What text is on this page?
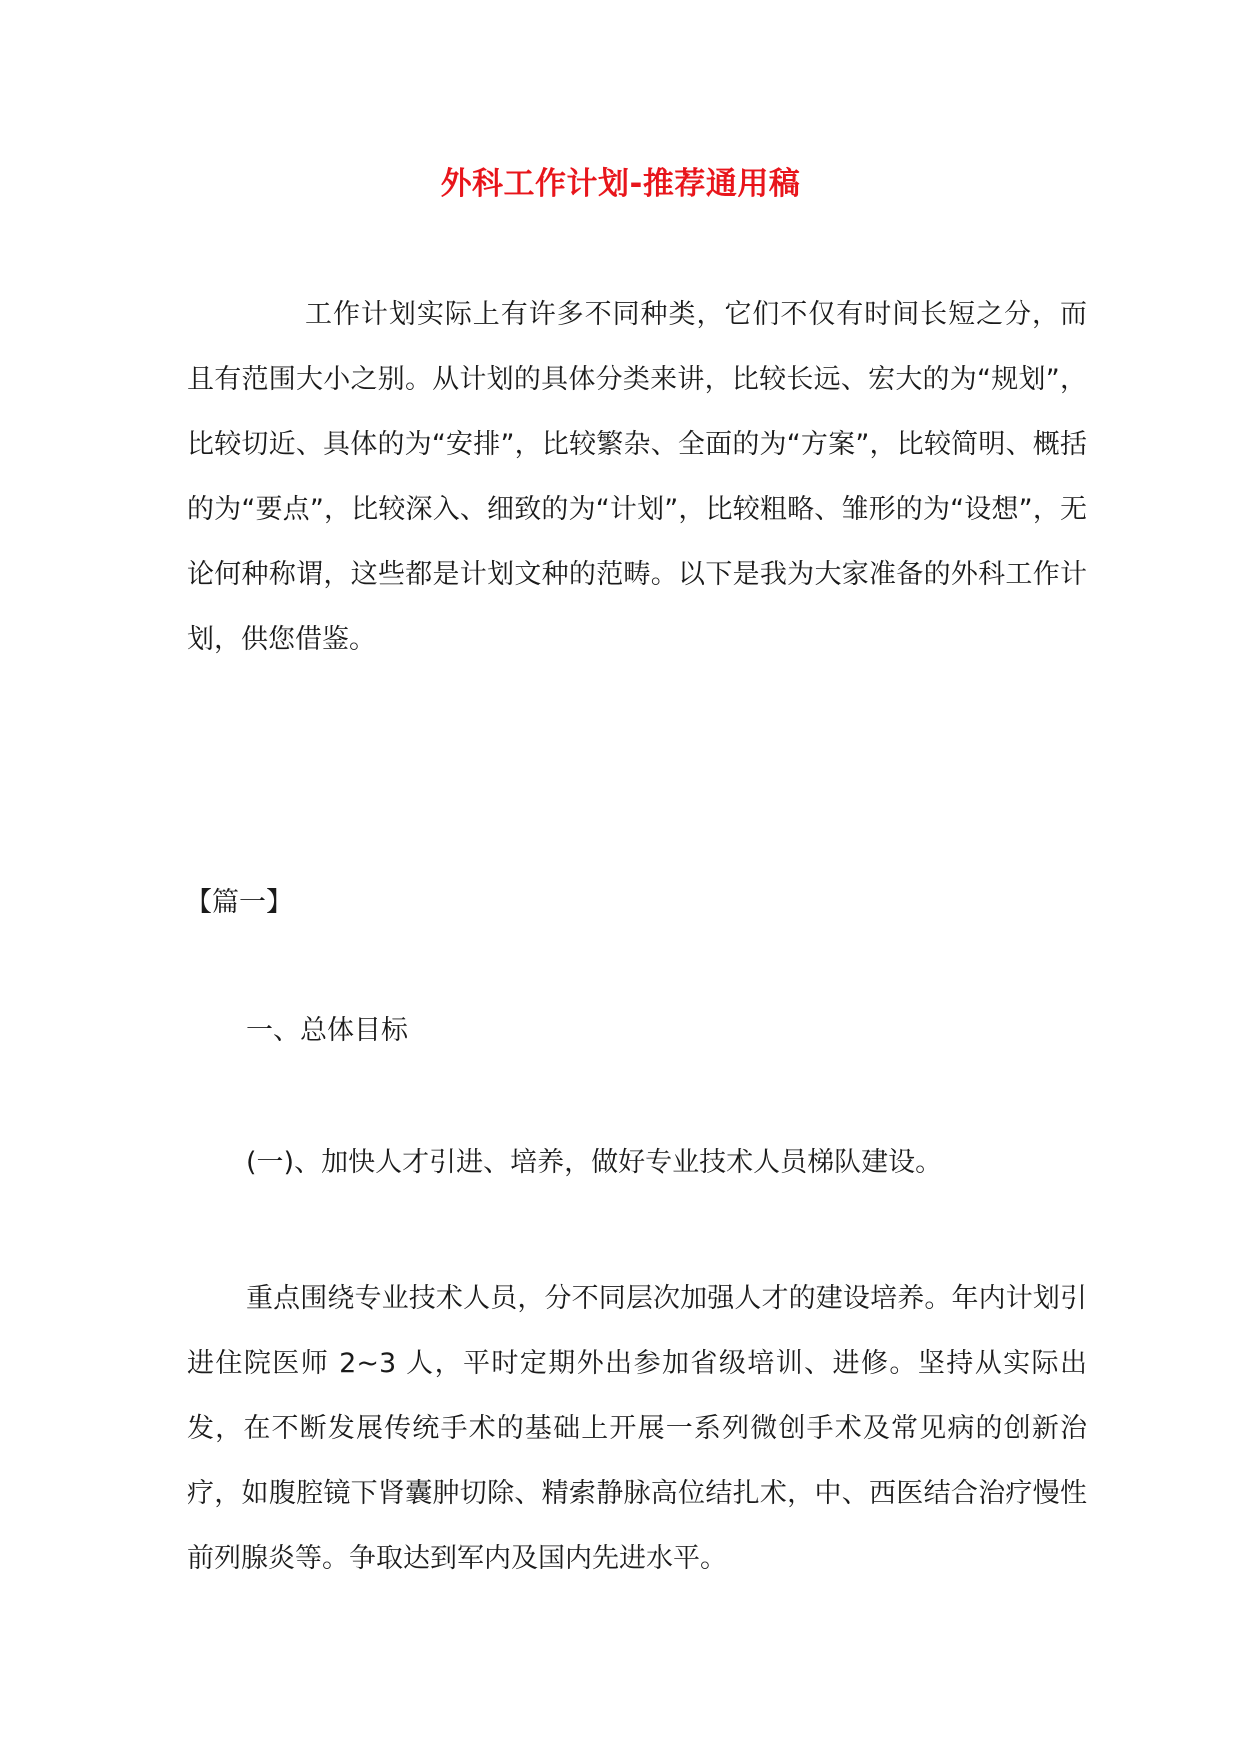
外科工作计划-推荐通用稿

工作计划实际上有许多不同种类，它们不仅有时间长短之分，而且有范围大小之别。从计划的具体分类来讲，比较长远、宏大的为“规划”，比较切近、具体的为“安排”，比较繁杂、全面的为“方案”，比较简明、概括的为“要点”，比较深入、细致的为“计划”，比较粗略、雏形的为“设想”，无论何种称谓，这些都是计划文种的范畴。以下是我为大家准备的外科工作计划，供您借鉴。

【篇一】
一、总体目标
(一)、加快人才引进、培养，做好专业技术人员梯队建设。

重点围绕专业技术人员，分不同层次加强人才的建设培养。年内计划引进住院医师 2~3 人，平时定期外出参加省级培训、进修。坚持从实际出发，在不断发展传统手术的基础上开展一系列微创手术及常见病的创新治疗，如腹腔镜下肾囊肿切除、精索静脉高位结扎术，中、西医结合治疗慢性前列腺炎等。争取达到军内及国内先进水平。
